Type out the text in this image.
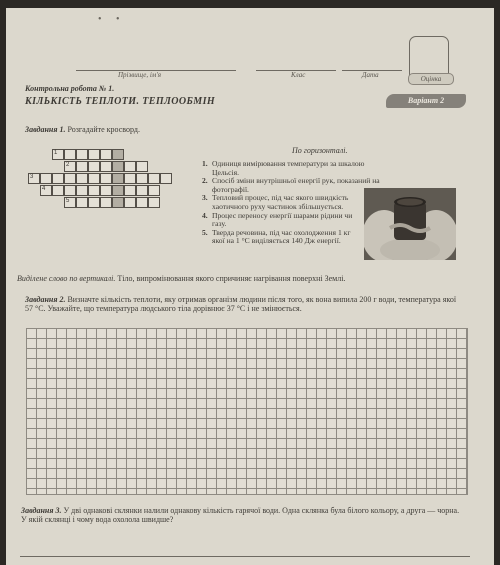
• •
Прізвище, ім'я	Клас	Дата	Оцінка
Контрольна робота № 1.
КІЛЬКІСТЬ ТЕПЛОТИ. ТЕПЛООБМІН	Варіант 2
Завдання 1. Розгадайте кросворд.
По горизонталі.
1. Одиниця вимірювання температури за шкалою Цельсія.
2. Спосіб зміни внутрішньої енергії рук, показаний на фотографії.
3. Тепловий процес, під час якого швидкість хаотичного руху частинок збільшується.
4. Процес переносу енергії шарами рідини чи газу.
5. Тверда речовина, під час охолодження 1 кг якої на 1 °С виділяється 140 Дж енергії.
Виділене слово по вертикалі. Тіло, випромінювання якого спричиняє нагрівання поверхні Землі.
Завдання 2. Визначте кількість теплоти, яку отримав організм людини після того, як вона випила 200 г води, температура якої 57 °С. Уважайте, що температура людського тіла дорівнює 37 °С і не змінюється.
Завдання 3. У дві однакові склянки налили однакову кількість гарячої води. Одна склянка була білого кольору, а друга — чорна. У якій склянці і чому вода охолола швидше?
1
2
3
4
5
